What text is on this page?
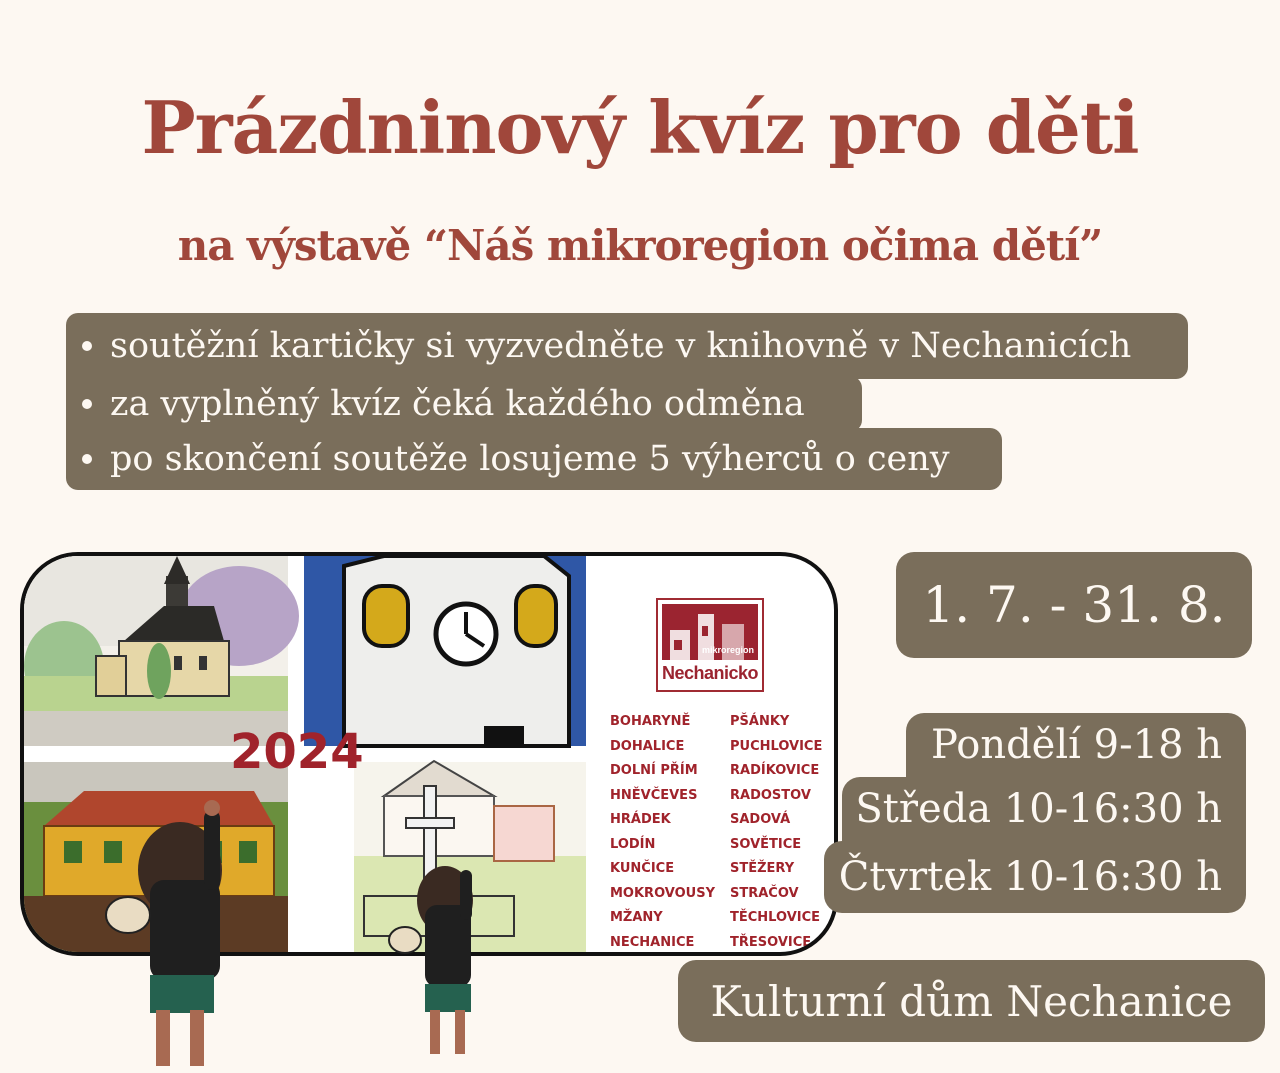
Prázdninový kvíz pro děti
na výstavě “Náš mikroregion očima dětí”
soutěžní kartičky si vyzvedněte v knihovně v Nechanicích
za vyplněný kvíz čeká každého odměna
po skončení soutěže losujeme 5 výherců o ceny
2024
mikroregion
Nechanicko
BOHARYNĚ
DOHALICE
DOLNÍ PŘÍM
HNĚVČEVES
HRÁDEK
LODÍN
KUNČICE
MOKROVOUSY
MŽANY
NECHANICE
PŠÁNKY
PUCHLOVICE
RADÍKOVICE
RADOSTOV
SADOVÁ
SOVĚTICE
STĚŽERY
STRAČOV
TĚCHLOVICE
TŘESOVICE
1. 7. - 31. 8.
Pondělí 9-18 h
Středa 10-16:30 h
Čtvrtek 10-16:30 h
Kulturní dům Nechanice
